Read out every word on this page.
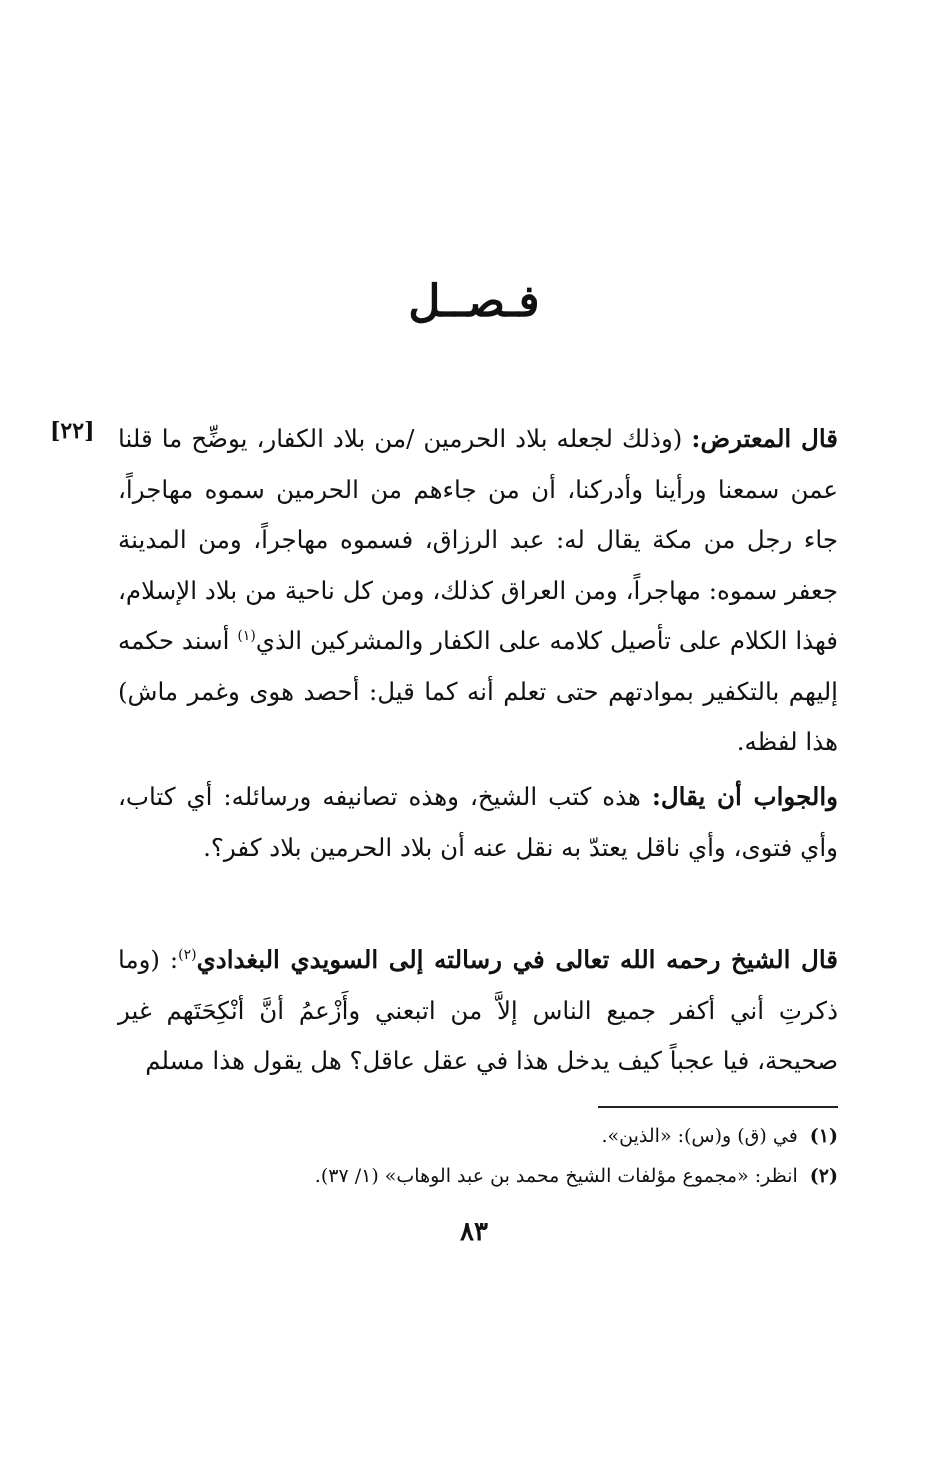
فـصــل
[٢٢]	قال المعترض: (وذلك لجعله بلاد الحرمين /من بلاد الكفار، يوضِّح ما قلنا عمن سمعنا ورأينا وأدركنا، أن من جاءهم من الحرمين سموه مهاجراً، جاء رجل من مكة يقال له: عبد الرزاق، فسموه مهاجراً، ومن المدينة جعفر سموه: مهاجراً، ومن العراق كذلك، ومن كل ناحية من بلاد الإسلام، فهذا الكلام على تأصيل كلامه على الكفار والمشركين الذي$^{(١)}$ أسند حكمه إليهم بالتكفير بموادتهم حتى تعلم أنه كما قيل: أحصد هوى وغمر ماش) هذا لفظه.

والجواب أن يقال: هذه كتب الشيخ، وهذه تصانيفه ورسائله: أي كتاب، وأي فتوى، وأي ناقل يعتدّ به نقل عنه أن بلاد الحرمين بلاد كفر؟.

قال الشيخ رحمه الله تعالى في رسالته إلى السويدي البغدادي$^{(٢)}$: (وما ذكرتِ أني أكفر جميع الناس إلاَّ من اتبعني وأَزْعمُ أنَّ أنْكِحَتَهم غير صحيحة، فيا عجباً كيف يدخل هذا في عقل عاقل؟ هل يقول هذا مسلم

(١)
في (ق) و(س): «الذين».

(٢)
انظر: «مجموع مؤلفات الشيخ محمد بن عبد الوهاب» (١/ ٣٧).

٨٣
